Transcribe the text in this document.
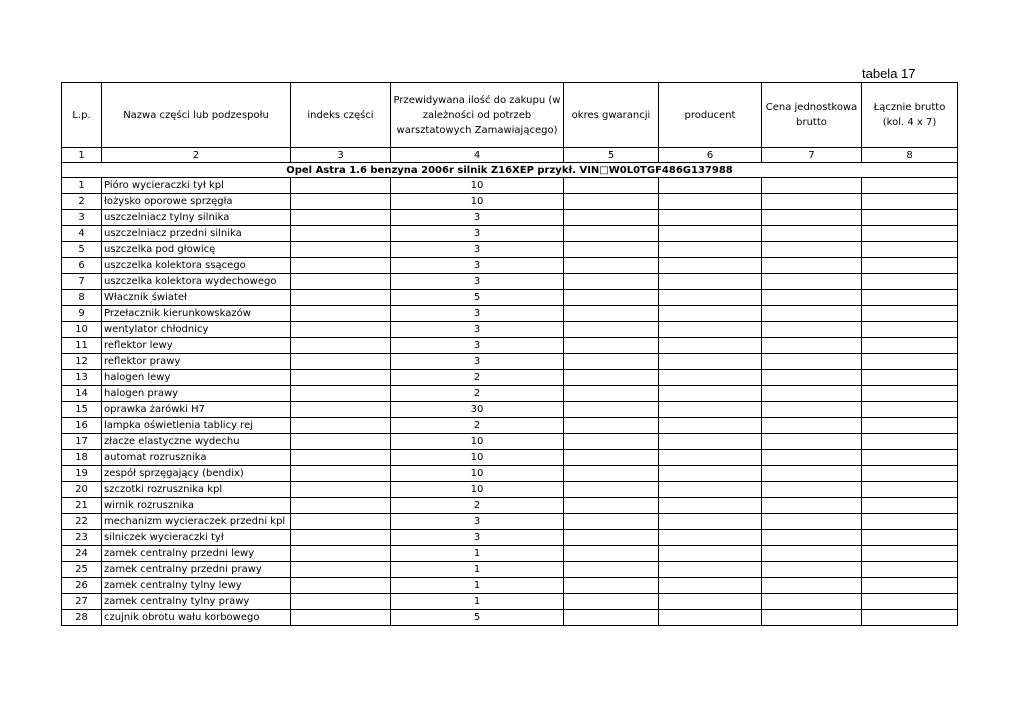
tabela 17
L.p.	Nazwa części lub podzespołu	indeks części	Przewidywana ilość do zakupu (w zależności od potrzeb warsztatowych Zamawiającego)	okres gwarancji	producent	Cena jednostkowa brutto	Łącznie brutto (kol. 4 x 7)
1	2	3	4	5	6	7	8
Opel Astra 1.6 benzyna 2006r silnik Z16XEP przykł. VIN□W0L0TGF486G137988							
1	Pióro wycieraczki tył kpl		10				
2	łożysko oporowe sprzęgła		10				
3	uszczelniacz tylny silnika		3				
4	uszczelniacz przedni silnika		3				
5	uszczelka pod głowicę		3				
6	uszczelka kolektora ssącego		3				
7	uszczelka kolektora wydechowego		3				
8	Włacznik świateł		5				
9	Przełacznik kierunkowskazów		3				
10	wentylator chłodnicy		3				
11	reflektor lewy		3				
12	reflektor prawy		3				
13	halogen lewy		2				
14	halogen prawy		2				
15	oprawka żarówki H7		30				
16	lampka oświetlenia tablicy rej		2				
17	złacze elastyczne wydechu		10				
18	automat rozrusznika		10				
19	zespół sprzęgający (bendix)		10				
20	szczotki rozrusznika kpl		10				
21	wirnik rozrusznika		2				
22	mechanizm wycieraczek przedni kpl		3				
23	silniczek wycieraczki tył		3				
24	zamek centralny przedni lewy		1				
25	zamek centralny przedni prawy		1				
26	zamek centralny tylny lewy		1				
27	zamek centralny tylny prawy		1				
28	czujnik obrotu wału korbowego		5				
